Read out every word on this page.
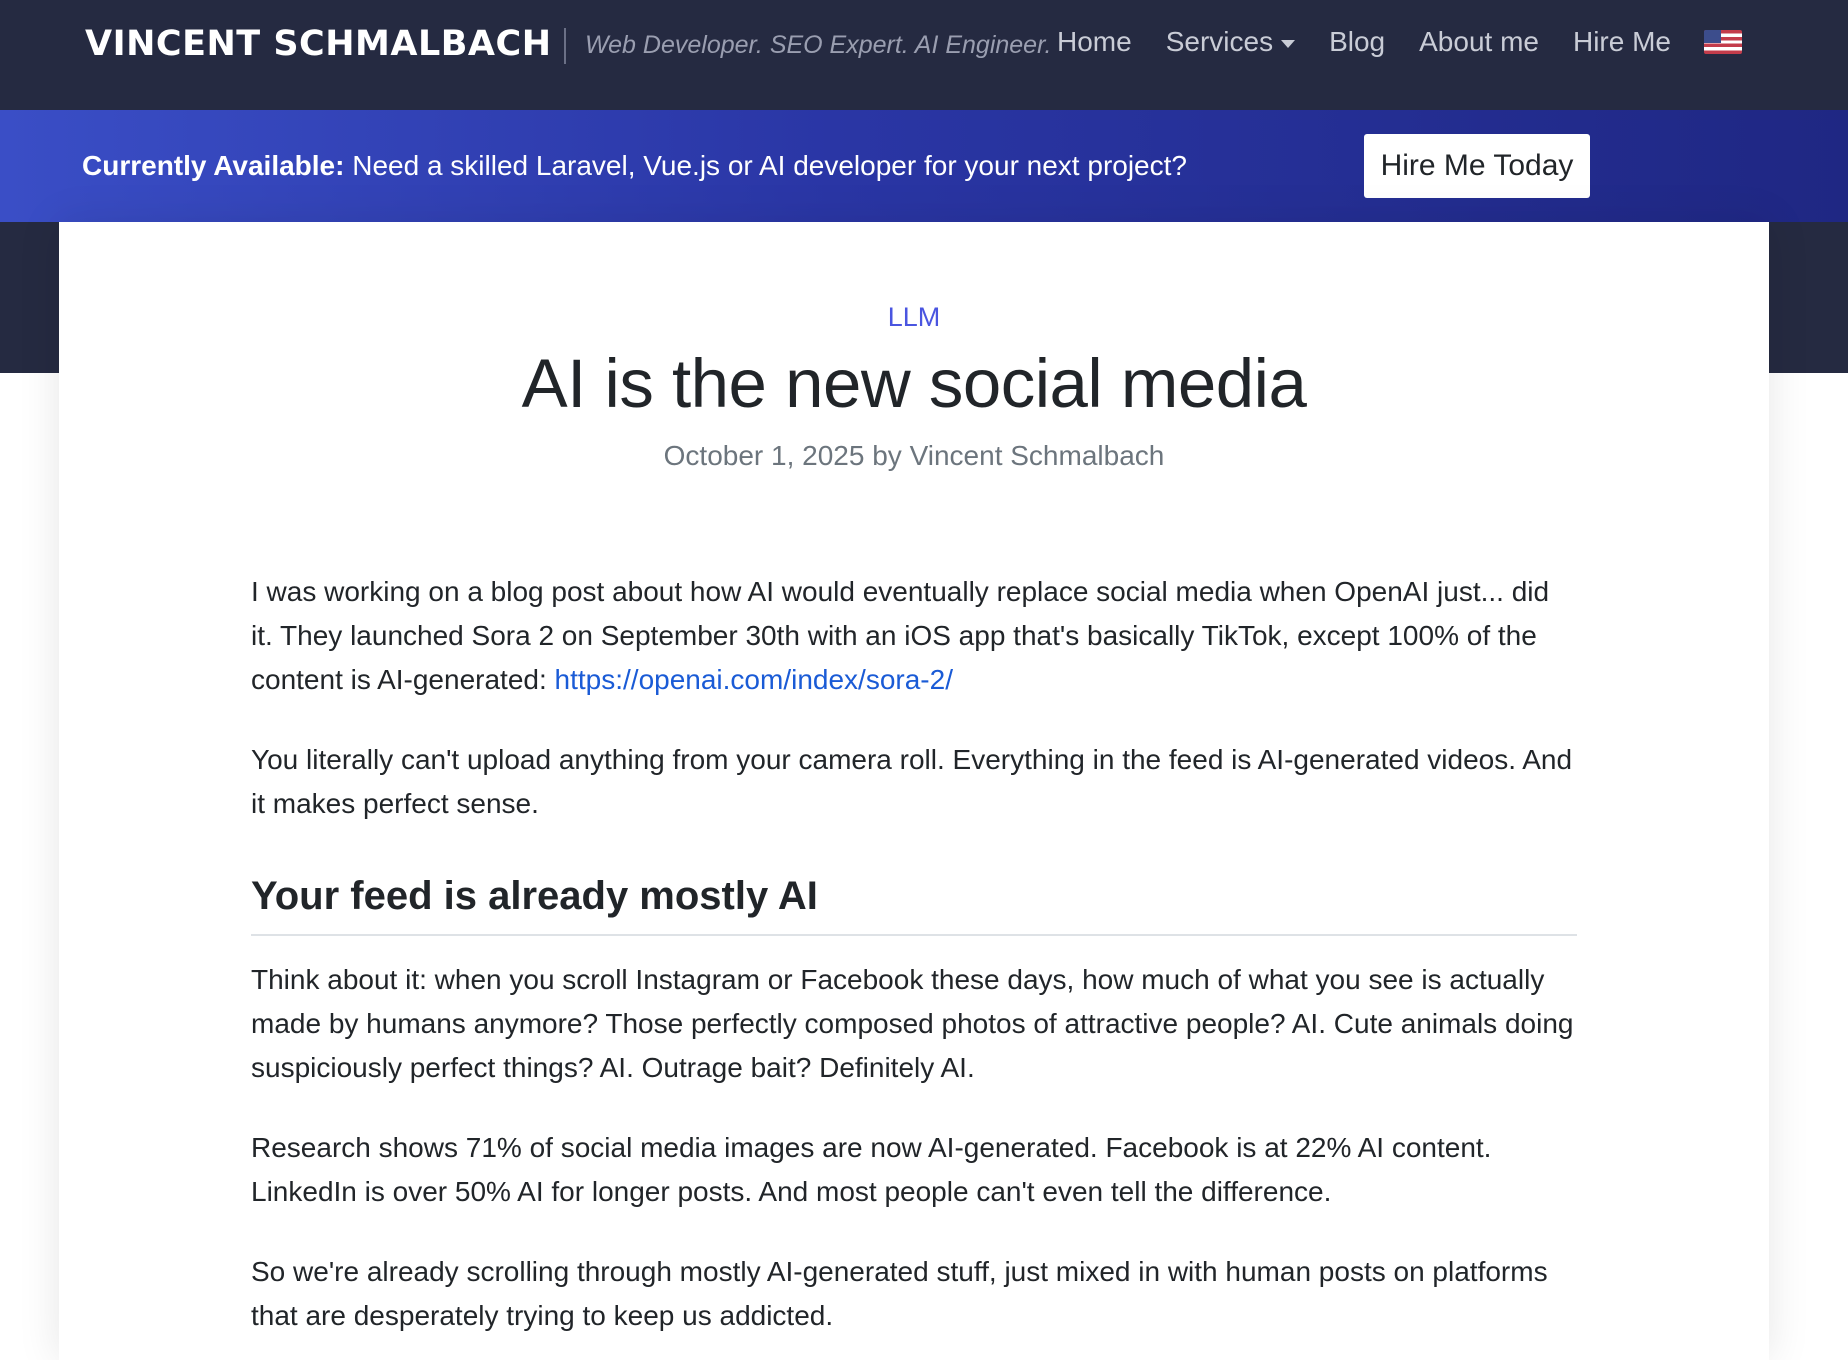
VINCENT SCHMALBACH Web Developer. SEO Expert. AI Engineer. Home Services Blog About me Hire Me

Currently Available: Need a skilled Laravel, Vue.js or AI developer for your next project?	Hire Me Today
LLM
AI is the new social media
October 1, 2025 by Vincent Schmalbach

I was working on a blog post about how AI would eventually replace social media when OpenAI just... did it. They launched Sora 2 on September 30th with an iOS app that's basically TikTok, except 100% of the content is AI-generated: https://openai.com/index/sora-2/

You literally can't upload anything from your camera roll. Everything in the feed is AI-generated videos. And it makes perfect sense.

Your feed is already mostly AI

Think about it: when you scroll Instagram or Facebook these days, how much of what you see is actually made by humans anymore? Those perfectly composed photos of attractive people? AI. Cute animals doing suspiciously perfect things? AI. Outrage bait? Definitely AI.

Research shows 71% of social media images are now AI-generated. Facebook is at 22% AI content. LinkedIn is over 50% AI for longer posts. And most people can't even tell the difference.

So we're already scrolling through mostly AI-generated stuff, just mixed in with human posts on platforms that are desperately trying to keep us addicted.
